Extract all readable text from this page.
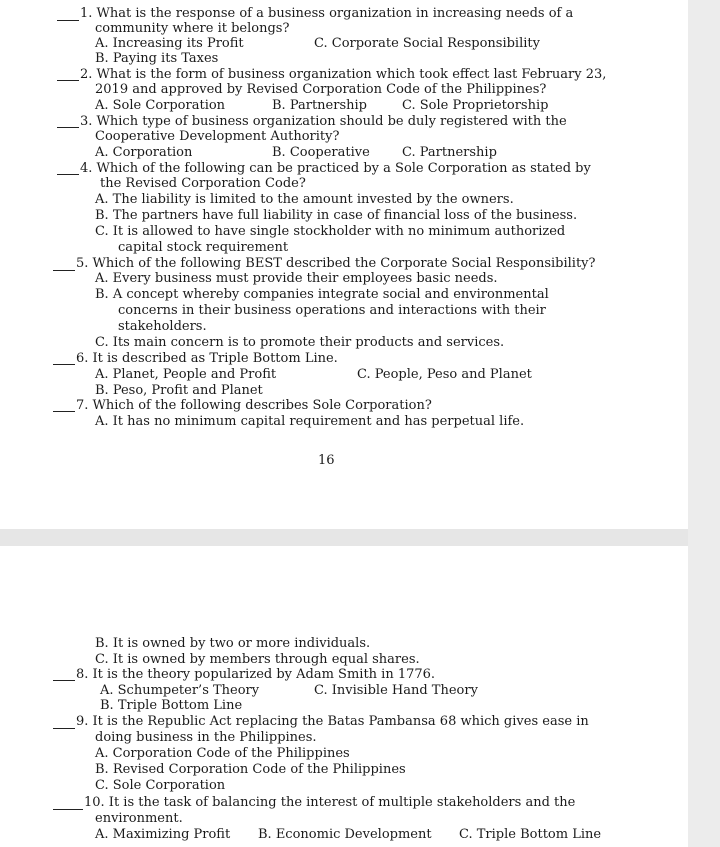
1. What is the response of a business organization in increasing needs of a
community where it belongs?
A. Increasing its Profit	C. Corporate Social Responsibility
B. Paying its Taxes
2. What is the form of business organization which took effect last February 23,
2019 and approved by Revised Corporation Code of the Philippines?
A. Sole Corporation	B. Partnership	C. Sole Proprietorship
3. Which type of business organization should be duly registered with the
Cooperative Development Authority?
A. Corporation	B. Cooperative C. Partnership
4. Which of the following can be practiced by a Sole Corporation as stated by
the Revised Corporation Code?
A. The liability is limited to the amount invested by the owners.
B. The partners have full liability in case of financial loss of the business.
C. It is allowed to have single stockholder with no minimum authorized
capital stock requirement
5. Which of the following BEST described the Corporate Social Responsibility?
A. Every business must provide their employees basic needs.
B. A concept whereby companies integrate social and environmental
concerns in their business operations and interactions with their
stakeholders.
C. Its main concern is to promote their products and services.
6. It is described as Triple Bottom Line.
A. Planet, People and Profit	C. People, Peso and Planet
B. Peso, Profit and Planet
7. Which of the following describes Sole Corporation?
A. It has no minimum capital requirement and has perpetual life.
16
B. It is owned by two or more individuals.
C. It is owned by members through equal shares.
8. It is the theory popularized by Adam Smith in 1776.
A. Schumpeter’s Theory	C. Invisible Hand Theory
B. Triple Bottom Line
9. It is the Republic Act replacing the Batas Pambansa 68 which gives ease in
doing business in the Philippines.
A. Corporation Code of the Philippines
B. Revised Corporation Code of the Philippines
C. Sole Corporation
10. It is the task of balancing the interest of multiple stakeholders and the
environment.
A. Maximizing Profit B. Economic Development C. Triple Bottom Line
